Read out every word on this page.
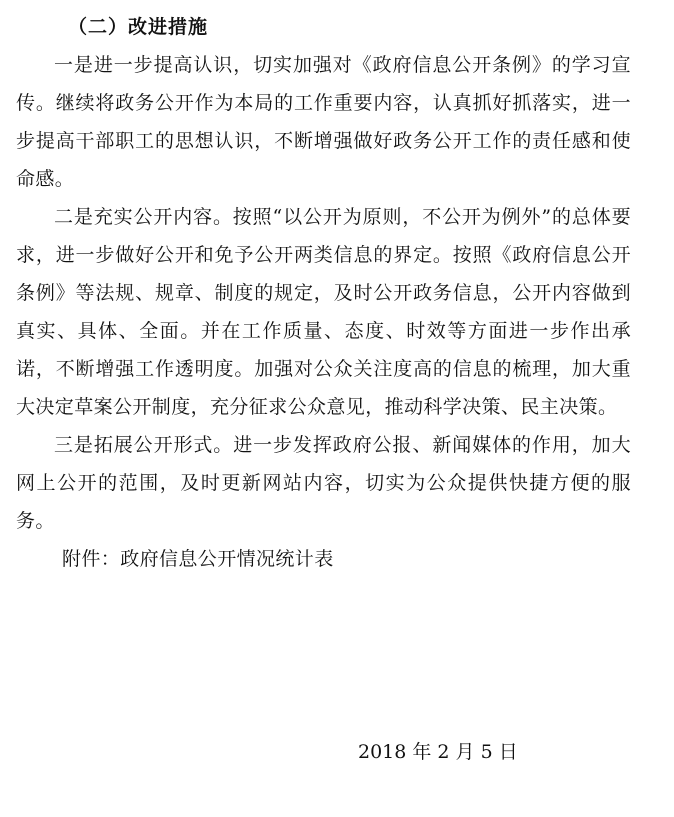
（二）改进措施

一是进一步提高认识，切实加强对《政府信息公开条例》的学习宣传。继续将政务公开作为本局的工作重要内容，认真抓好抓落实，进一步提高干部职工的思想认识，不断增强做好政务公开工作的责任感和使命感。

二是充实公开内容。按照“以公开为原则，不公开为例外”的总体要求，进一步做好公开和免予公开两类信息的界定。按照《政府信息公开条例》等法规、规章、制度的规定，及时公开政务信息，公开内容做到真实、具体、全面。并在工作质量、态度、时效等方面进一步作出承诺，不断增强工作透明度。加强对公众关注度高的信息的梳理，加大重大决定草案公开制度，充分征求公众意见，推动科学决策、民主决策。

三是拓展公开形式。进一步发挥政府公报、新闻媒体的作用，加大网上公开的范围，及时更新网站内容，切实为公众提供快捷方便的服务。

附件：政府信息公开情况统计表

2018 年 2 月 5 日
